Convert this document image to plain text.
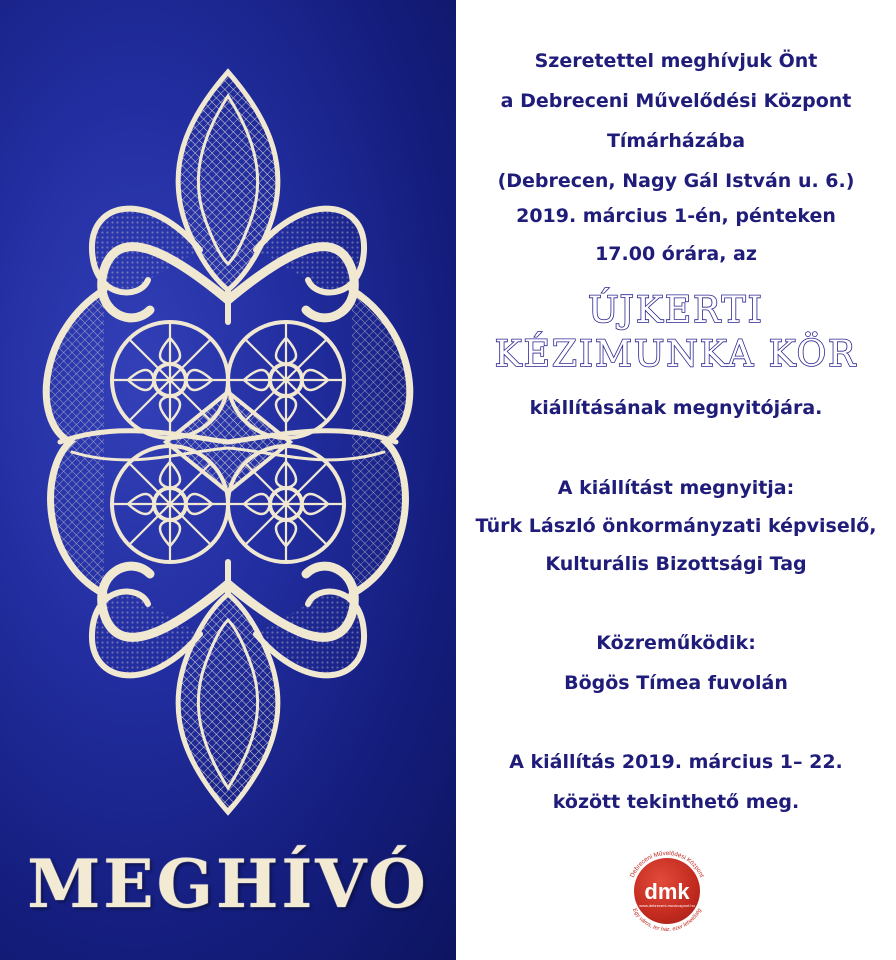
MEGHÍVÓ
Szeretettel meghívjuk Önt
a Debreceni Művelődési Központ
Tímárházába
(Debrecen, Nagy Gál István u. 6.)
2019. március 1-én, pénteken
17.00 órára, az
ÚJKERTI
KÉZIMUNKA KÖR
kiállításának megnyitójára.
A kiállítást megnyitja:
Türk László önkormányzati képviselő,
Kulturális Bizottsági Tag
Közreműködik:
Bögös Tímea fuvolán
A kiállítás 2019. március 1– 22.
között tekinthető meg.
Debreceni Művelődési Központ
Egy város, ter ház, ezer lehetőség
dmk
www.debreceni-muvkozpont.hu
